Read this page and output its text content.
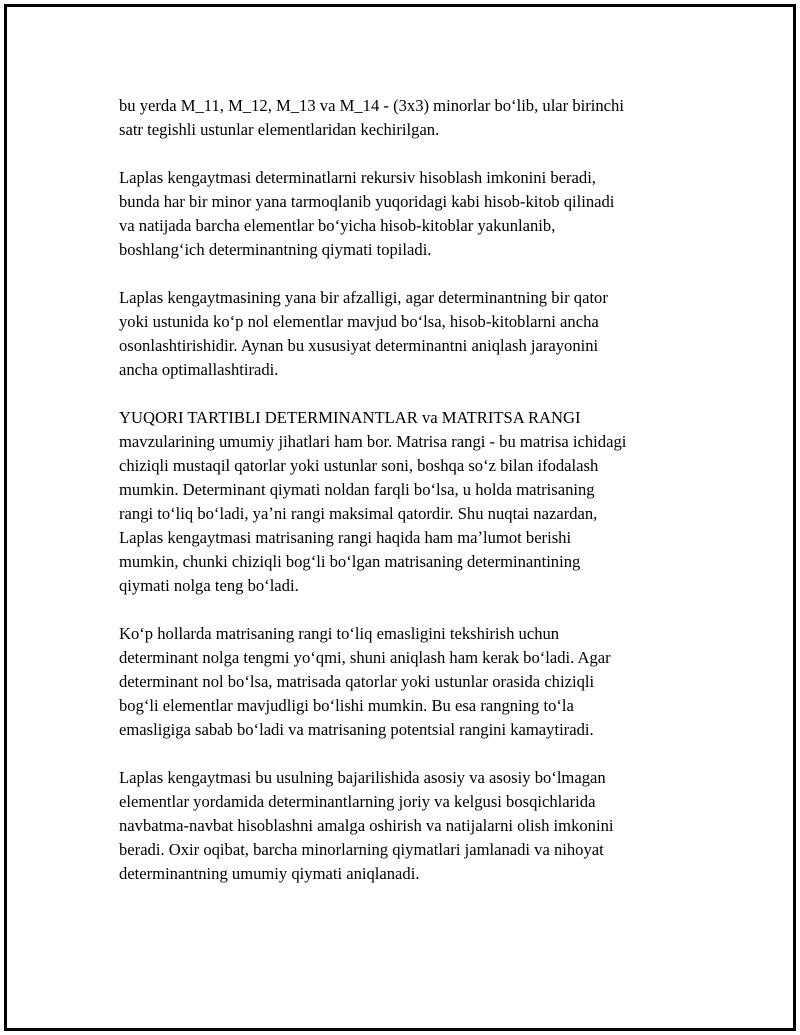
bu yerda M_11, M_12, M_13 va M_14 - (3x3) minorlar boʻlib, ular birinchi
satr tegishli ustunlar elementlaridan kechirilgan.

Laplas kengaytmasi determinatlarni rekursiv hisoblash imkonini beradi,
bunda har bir minor yana tarmoqlanib yuqoridagi kabi hisob-kitob qilinadi
va natijada barcha elementlar boʻyicha hisob-kitoblar yakunlanib,
boshlangʻich determinantning qiymati topiladi.

Laplas kengaytmasining yana bir afzalligi, agar determinantning bir qator
yoki ustunida koʻp nol elementlar mavjud boʻlsa, hisob-kitoblarni ancha
osonlashtirishidir. Aynan bu xususiyat determinantni aniqlash jarayonini
ancha optimallashtiradi.

YUQORI TARTIBLI DETERMINANTLAR va MATRITSA RANGI
mavzularining umumiy jihatlari ham bor. Matrisa rangi - bu matrisa ichidagi
chiziqli mustaqil qatorlar yoki ustunlar soni, boshqa soʻz bilan ifodalash
mumkin. Determinant qiymati noldan farqli boʻlsa, u holda matrisaning
rangi toʻliq boʻladi, yaʼni rangi maksimal qatordir. Shu nuqtai nazardan,
Laplas kengaytmasi matrisaning rangi haqida ham maʼlumot berishi
mumkin, chunki chiziqli bogʻli boʻlgan matrisaning determinantining
qiymati nolga teng boʻladi.

Koʻp hollarda matrisaning rangi toʻliq emasligini tekshirish uchun
determinant nolga tengmi yoʻqmi, shuni aniqlash ham kerak boʻladi. Agar
determinant nol boʻlsa, matrisada qatorlar yoki ustunlar orasida chiziqli
bogʻli elementlar mavjudligi boʻlishi mumkin. Bu esa rangning toʻla
emasligiga sabab boʻladi va matrisaning potentsial rangini kamaytiradi.

Laplas kengaytmasi bu usulning bajarilishida asosiy va asosiy boʻlmagan
elementlar yordamida determinantlarning joriy va kelgusi bosqichlarida
navbatma-navbat hisoblashni amalga oshirish va natijalarni olish imkonini
beradi. Oxir oqibat, barcha minorlarning qiymatlari jamlanadi va nihoyat
determinantning umumiy qiymati aniqlanadi.
